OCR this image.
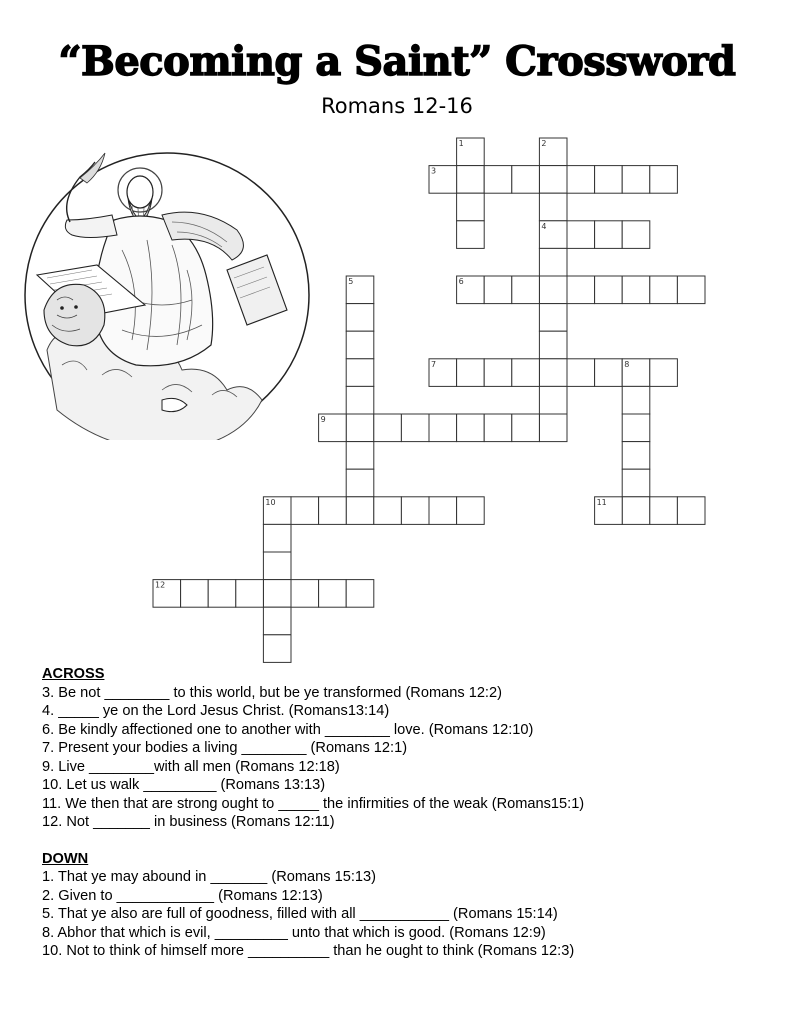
“Becoming a Saint” Crossword
Romans 12-16
1	2
3
4
5	6
7	8
9
10	11
12
ACROSS
3. Be not ________ to this world, but be ye transformed (Romans 12:2)
4. _____ ye on the Lord Jesus Christ. (Romans13:14)
6. Be kindly affectioned one to another with ________ love. (Romans 12:10)
7. Present your bodies a living ________ (Romans 12:1)
9. Live ________with all men (Romans 12:18)
10. Let us walk _________ (Romans 13:13)
11. We then that are strong ought to _____ the infirmities of the weak (Romans15:1)
12. Not _______ in business (Romans 12:11)
DOWN
1. That ye may abound in _______ (Romans 15:13)
2. Given to ____________ (Romans 12:13)
5. That ye also are full of goodness, filled with all ___________ (Romans 15:14)
8. Abhor that which is evil, _________ unto that which is good. (Romans 12:9)
10. Not to think of himself more __________ than he ought to think (Romans 12:3)
